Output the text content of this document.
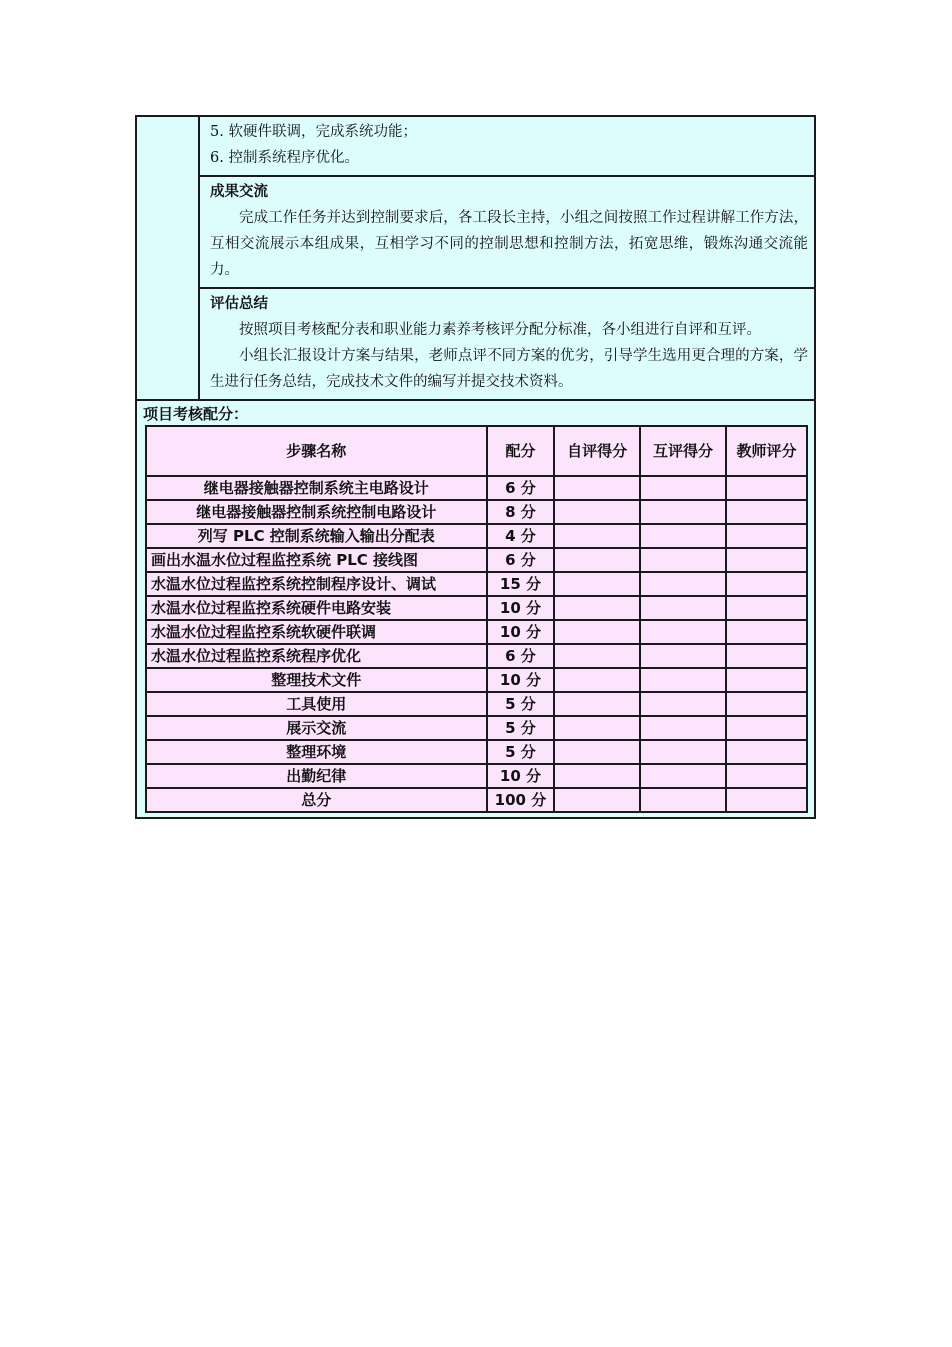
5. 软硬件联调，完成系统功能；
6. 控制系统程序优化。
成果交流
完成工作任务并达到控制要求后，各工段长主持，小组之间按照工作过程讲解工作方法，互相交流展示本组成果，互相学习不同的控制思想和控制方法，拓宽思维，锻炼沟通交流能力。
评估总结
按照项目考核配分表和职业能力素养考核评分配分标准，各小组进行自评和互评。
小组长汇报设计方案与结果，老师点评不同方案的优劣，引导学生选用更合理的方案，学生进行任务总结，完成技术文件的编写并提交技术资料。
项目考核配分：
步骤名称	配分	自评得分	互评得分	教师评分
继电器接触器控制系统主电路设计	6 分			
继电器接触器控制系统控制电路设计	8 分			
列写 PLC 控制系统输入输出分配表	4 分			
画出水温水位过程监控系统 PLC 接线图	6 分			
水温水位过程监控系统控制程序设计、调试	15 分			
水温水位过程监控系统硬件电路安装	10 分			
水温水位过程监控系统软硬件联调	10 分			
水温水位过程监控系统程序优化	6 分			
整理技术文件	10 分			
工具使用	5 分			
展示交流	5 分			
整理环境	5 分			
出勤纪律	10 分			
总分	100 分			
